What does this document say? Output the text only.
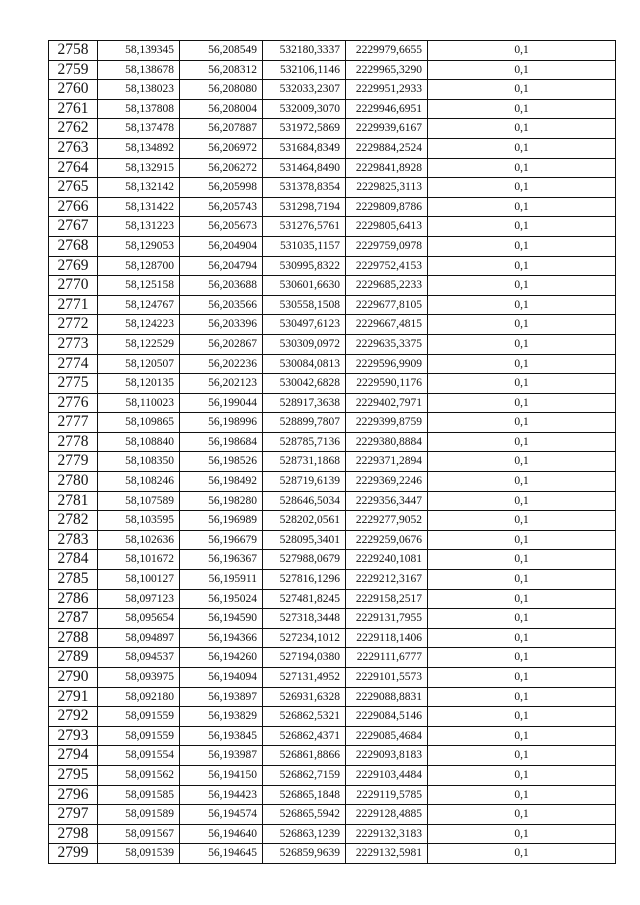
2758	58,139345	56,208549	532180,3337	2229979,6655	0,1
2759	58,138678	56,208312	532106,1146	2229965,3290	0,1
2760	58,138023	56,208080	532033,2307	2229951,2933	0,1
2761	58,137808	56,208004	532009,3070	2229946,6951	0,1
2762	58,137478	56,207887	531972,5869	2229939,6167	0,1
2763	58,134892	56,206972	531684,8349	2229884,2524	0,1
2764	58,132915	56,206272	531464,8490	2229841,8928	0,1
2765	58,132142	56,205998	531378,8354	2229825,3113	0,1
2766	58,131422	56,205743	531298,7194	2229809,8786	0,1
2767	58,131223	56,205673	531276,5761	2229805,6413	0,1
2768	58,129053	56,204904	531035,1157	2229759,0978	0,1
2769	58,128700	56,204794	530995,8322	2229752,4153	0,1
2770	58,125158	56,203688	530601,6630	2229685,2233	0,1
2771	58,124767	56,203566	530558,1508	2229677,8105	0,1
2772	58,124223	56,203396	530497,6123	2229667,4815	0,1
2773	58,122529	56,202867	530309,0972	2229635,3375	0,1
2774	58,120507	56,202236	530084,0813	2229596,9909	0,1
2775	58,120135	56,202123	530042,6828	2229590,1176	0,1
2776	58,110023	56,199044	528917,3638	2229402,7971	0,1
2777	58,109865	56,198996	528899,7807	2229399,8759	0,1
2778	58,108840	56,198684	528785,7136	2229380,8884	0,1
2779	58,108350	56,198526	528731,1868	2229371,2894	0,1
2780	58,108246	56,198492	528719,6139	2229369,2246	0,1
2781	58,107589	56,198280	528646,5034	2229356,3447	0,1
2782	58,103595	56,196989	528202,0561	2229277,9052	0,1
2783	58,102636	56,196679	528095,3401	2229259,0676	0,1
2784	58,101672	56,196367	527988,0679	2229240,1081	0,1
2785	58,100127	56,195911	527816,1296	2229212,3167	0,1
2786	58,097123	56,195024	527481,8245	2229158,2517	0,1
2787	58,095654	56,194590	527318,3448	2229131,7955	0,1
2788	58,094897	56,194366	527234,1012	2229118,1406	0,1
2789	58,094537	56,194260	527194,0380	2229111,6777	0,1
2790	58,093975	56,194094	527131,4952	2229101,5573	0,1
2791	58,092180	56,193897	526931,6328	2229088,8831	0,1
2792	58,091559	56,193829	526862,5321	2229084,5146	0,1
2793	58,091559	56,193845	526862,4371	2229085,4684	0,1
2794	58,091554	56,193987	526861,8866	2229093,8183	0,1
2795	58,091562	56,194150	526862,7159	2229103,4484	0,1
2796	58,091585	56,194423	526865,1848	2229119,5785	0,1
2797	58,091589	56,194574	526865,5942	2229128,4885	0,1
2798	58,091567	56,194640	526863,1239	2229132,3183	0,1
2799	58,091539	56,194645	526859,9639	2229132,5981	0,1
